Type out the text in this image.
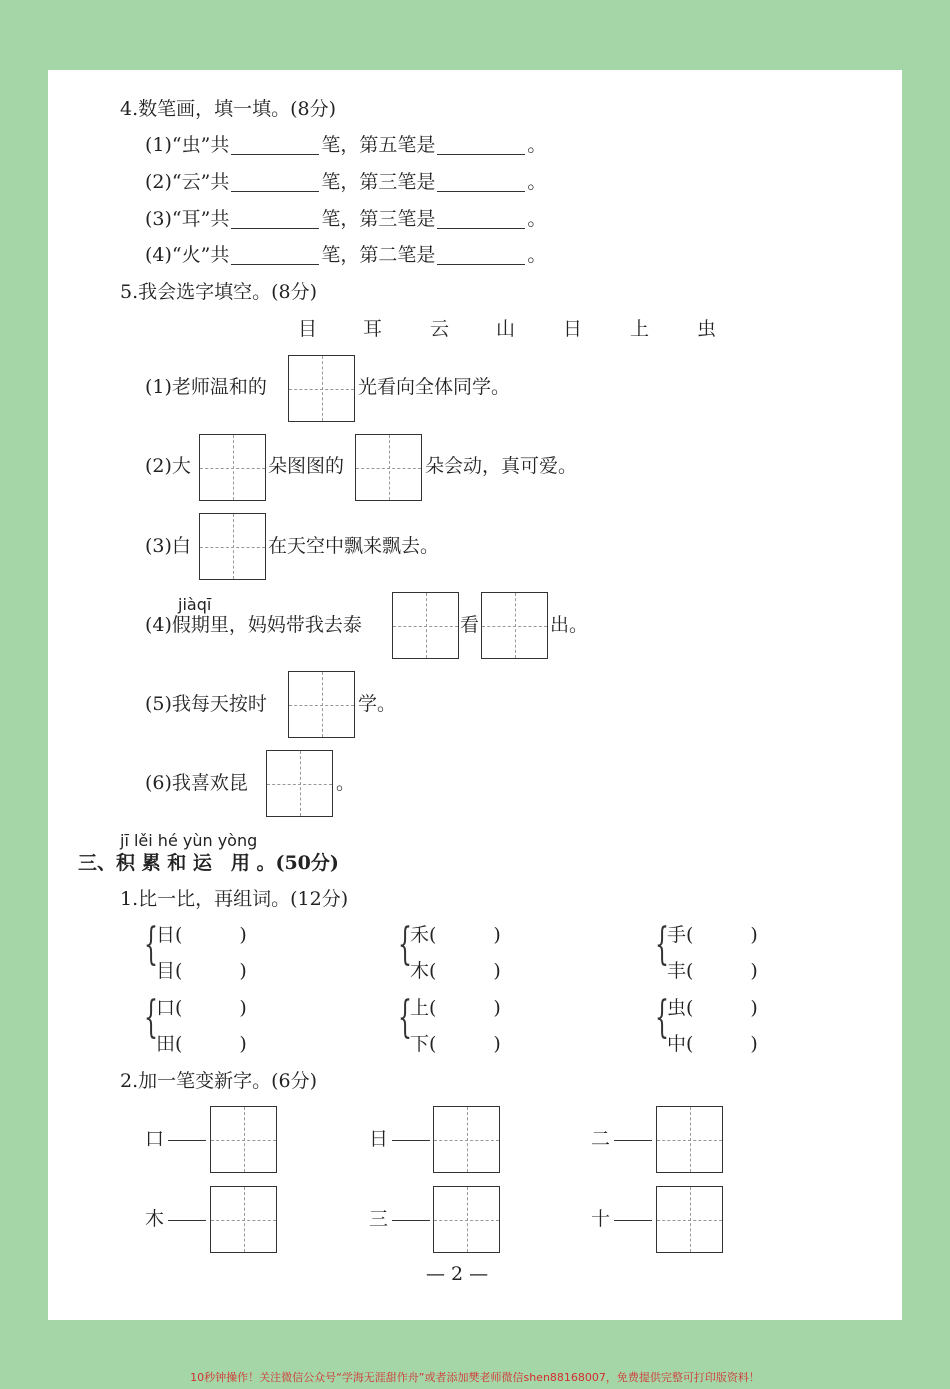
4.数笔画，填一填。(8分)
(1)“虫”共	笔，第五笔是	。
(2)“云”共	笔，第三笔是	。
(3)“耳”共	笔，第三笔是	。
(4)“火”共	笔，第二笔是	。
5.我会选字填空。(8分)
目 耳	云 山	日	上	虫
(1)老师温和的	光看向全体同学。
(2)大	朵图图的	朵会动，真可爱。
(3)白	在天空中飘来飘去。
jiàqī
(4)假期里，妈妈带我去泰	看	出。
(5)我每天按时	学。
(6)我喜欢昆	。
jī lěi hé yùn yòng
三、积 累 和 运　用 。(50分)
1.比一比，再组词。(12分)
{
日(　　　)
目(　　　)
{
禾(　　　)
木(　　　)
{
手(　　　)
丰(　　　)
{
口(　　　)
田(　　　)
{
上(　　　)
下(　　　)
{
虫(　　　)
中(　　　)
2.加一笔变新字。(6分)
口	日	二
木	三	十
— 2 —
10秒钟操作！关注微信公众号“学海无涯甜作舟”或者添加樊老师微信shen88168007，免费提供完整可打印版资料！
